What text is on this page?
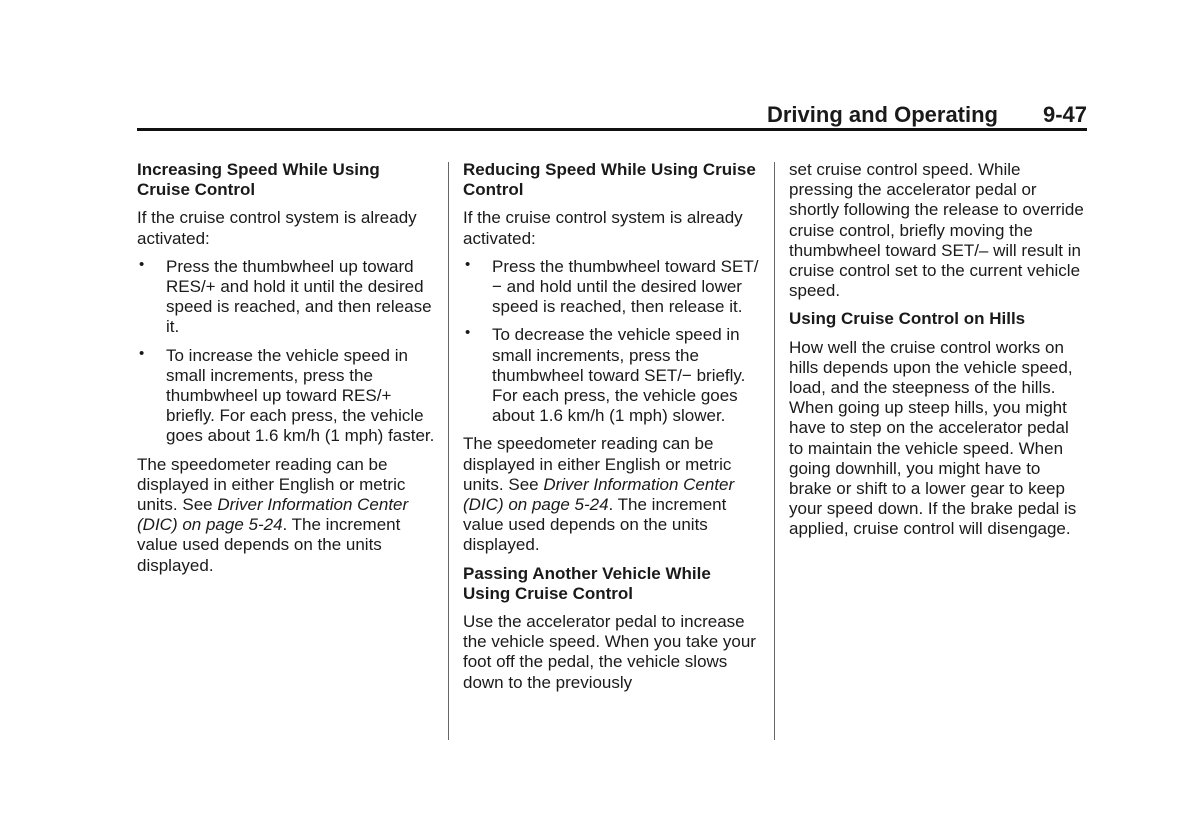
Driving and Operating 9-47
Increasing Speed While Using Cruise Control

If the cruise control system is already activated:

• Press the thumbwheel up toward RES/+ and hold it until the desired speed is reached, and then release it.
• To increase the vehicle speed in small increments, press the thumbwheel up toward RES/+ briefly. For each press, the vehicle goes about 1.6 km/h (1 mph) faster.

The speedometer reading can be displayed in either English or metric units. See Driver Information Center (DIC) on page 5-24. The increment value used depends on the units displayed.

Reducing Speed While Using Cruise Control

If the cruise control system is already activated:

• Press the thumbwheel toward SET/− and hold until the desired lower speed is reached, then release it.
• To decrease the vehicle speed in small increments, press the thumbwheel toward SET/− briefly. For each press, the vehicle goes about 1.6 km/h (1 mph) slower.

The speedometer reading can be displayed in either English or metric units. See Driver Information Center (DIC) on page 5-24. The increment value used depends on the units displayed.

Passing Another Vehicle While Using Cruise Control

Use the accelerator pedal to increase the vehicle speed. When you take your foot off the pedal, the vehicle slows down to the previously

set cruise control speed. While pressing the accelerator pedal or shortly following the release to override cruise control, briefly moving the thumbwheel toward SET/– will result in cruise control set to the current vehicle speed.

Using Cruise Control on Hills

How well the cruise control works on hills depends upon the vehicle speed, load, and the steepness of the hills. When going up steep hills, you might have to step on the accelerator pedal to maintain the vehicle speed. When going downhill, you might have to brake or shift to a lower gear to keep your speed down. If the brake pedal is applied, cruise control will disengage.
